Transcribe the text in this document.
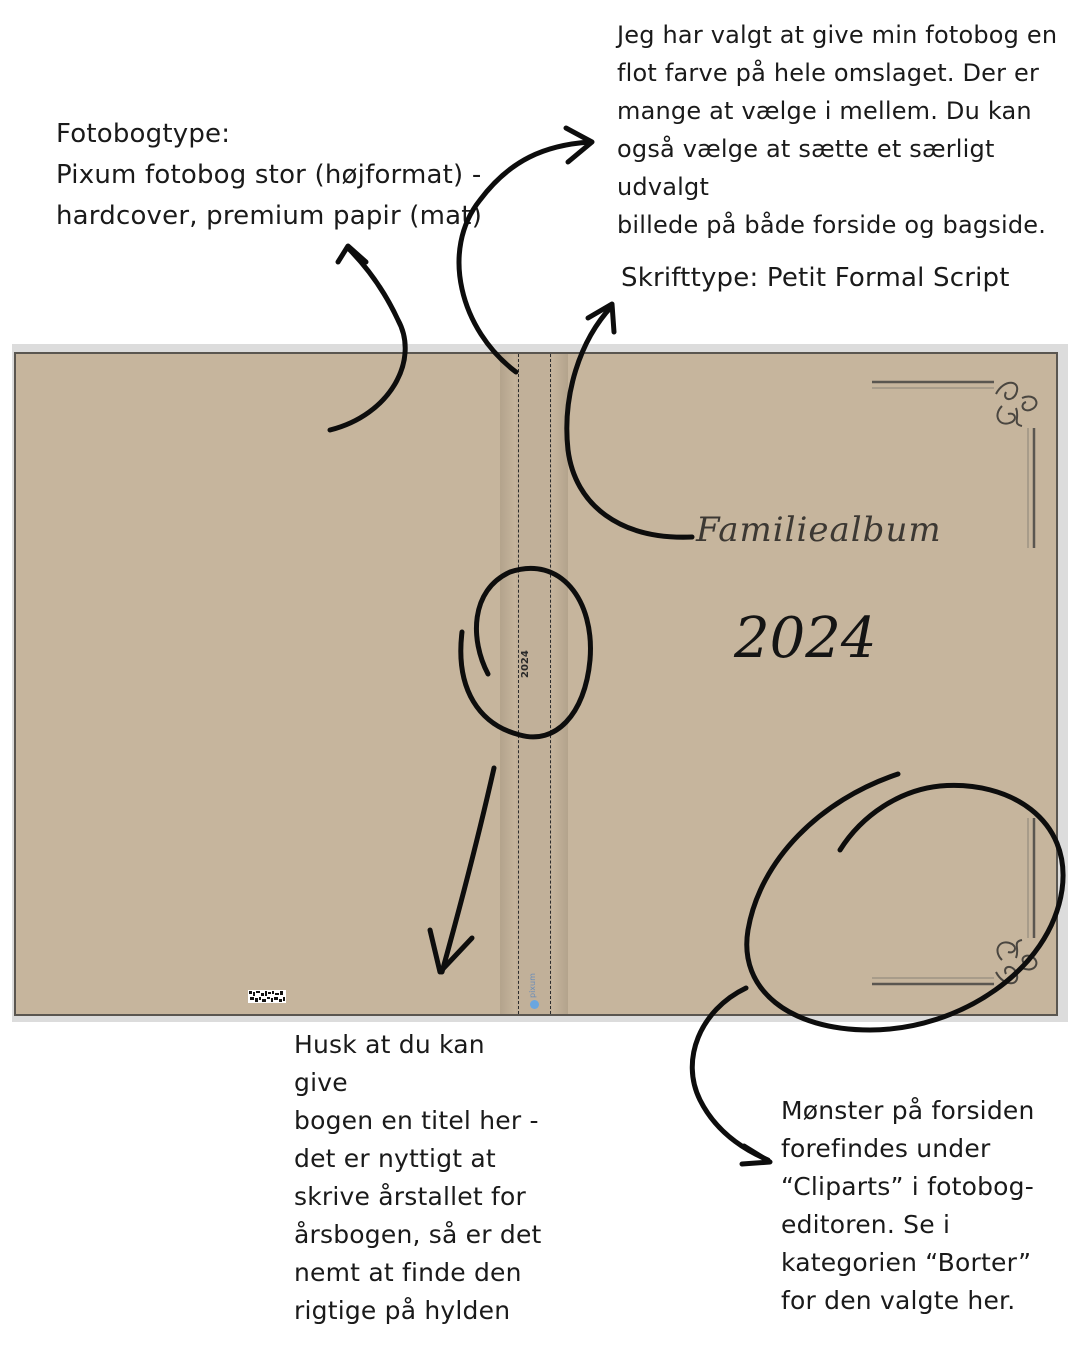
Fotobogtype:

Pixum fotobog stor (højformat) -

hardcover, premium papir (mat)

Jeg har valgt at give min fotobog en

flot farve på hele omslaget. Der er

mange at vælge i mellem. Du kan

også vælge at sætte et særligt udvalgt

billede på både forside og bagside.

Skrifttype: Petit Formal Script
2024
pixum
Familiealbum
2024

Husk at du kan give

bogen en titel her -

det er nyttigt at

skrive årstallet for

årsbogen, så er det

nemt at finde den

rigtige på hylden

Mønster på forsiden

forefindes under

“Cliparts” i fotobog-

editoren. Se i

kategorien “Borter”

for den valgte her.
